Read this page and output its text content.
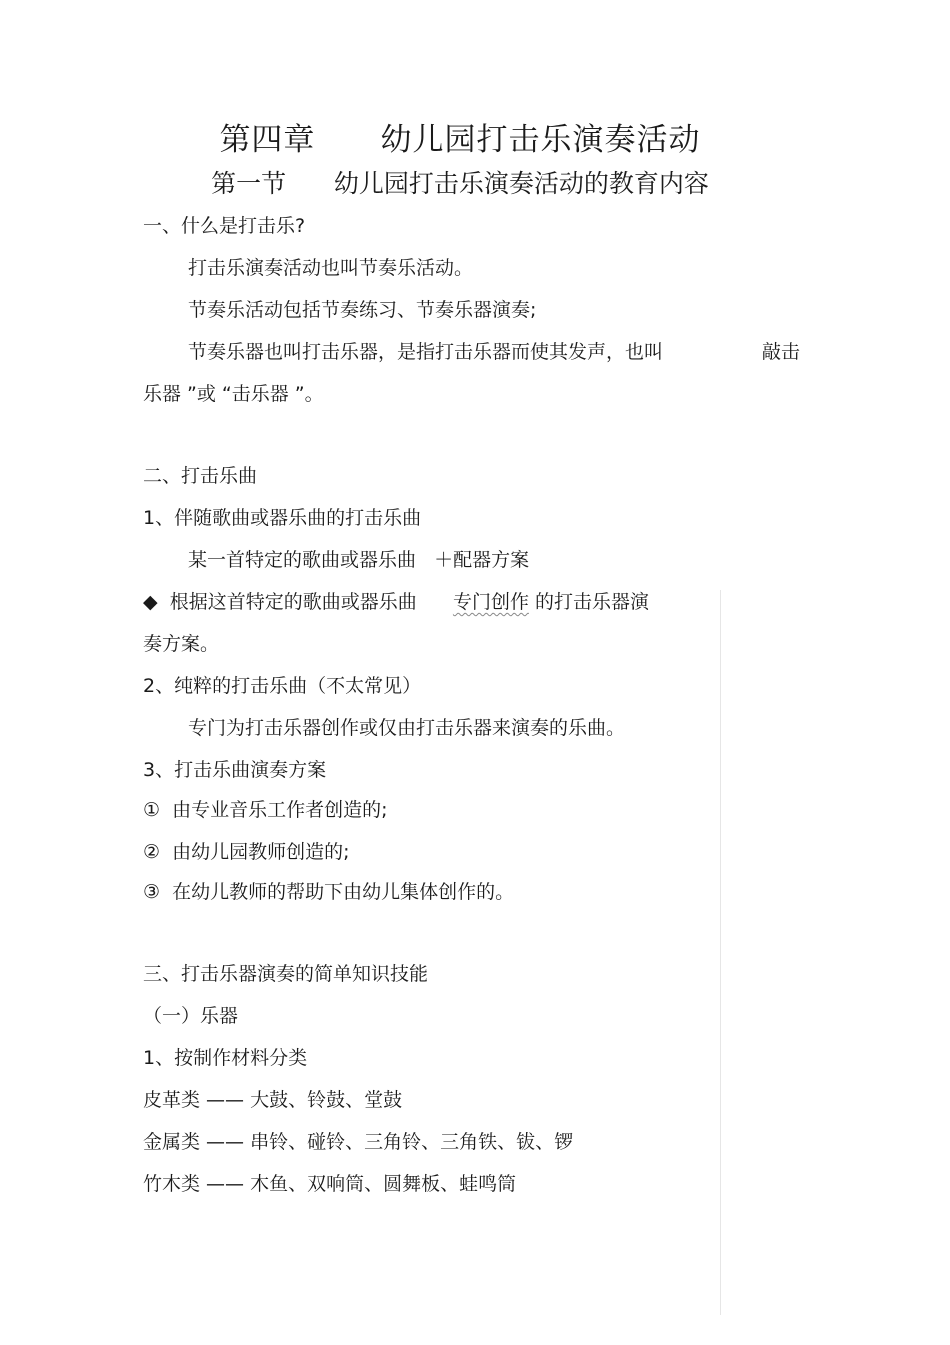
第四章      幼儿园打击乐演奏活动
第一节      幼儿园打击乐演奏活动的教育内容
一、什么是打击乐?
打击乐演奏活动也叫节奏乐活动。
节奏乐活动包括节奏练习、节奏乐器演奏;
节奏乐器也叫打击乐器，是指打击乐器而使其发声，也叫	敲击
乐器 ”或 “击乐器 ”。
二、打击乐曲
1、伴随歌曲或器乐曲的打击乐曲
某一首特定的歌曲或器乐曲   ＋配器方案
◆  根据这首特定的歌曲或器乐曲      专门创作 的打击乐器演
奏方案。
2、纯粹的打击乐曲（不太常见）
专门为打击乐器创作或仅由打击乐器来演奏的乐曲。
3、打击乐曲演奏方案
①  由专业音乐工作者创造的;
②  由幼儿园教师创造的;
③  在幼儿教师的帮助下由幼儿集体创作的。
三、打击乐器演奏的简单知识技能
（一）乐器
1、按制作材料分类
皮革类 —— 大鼓、铃鼓、堂鼓
金属类 —— 串铃、碰铃、三角铃、三角铁、钹、锣
竹木类 —— 木鱼、双响筒、圆舞板、蛙鸣筒
